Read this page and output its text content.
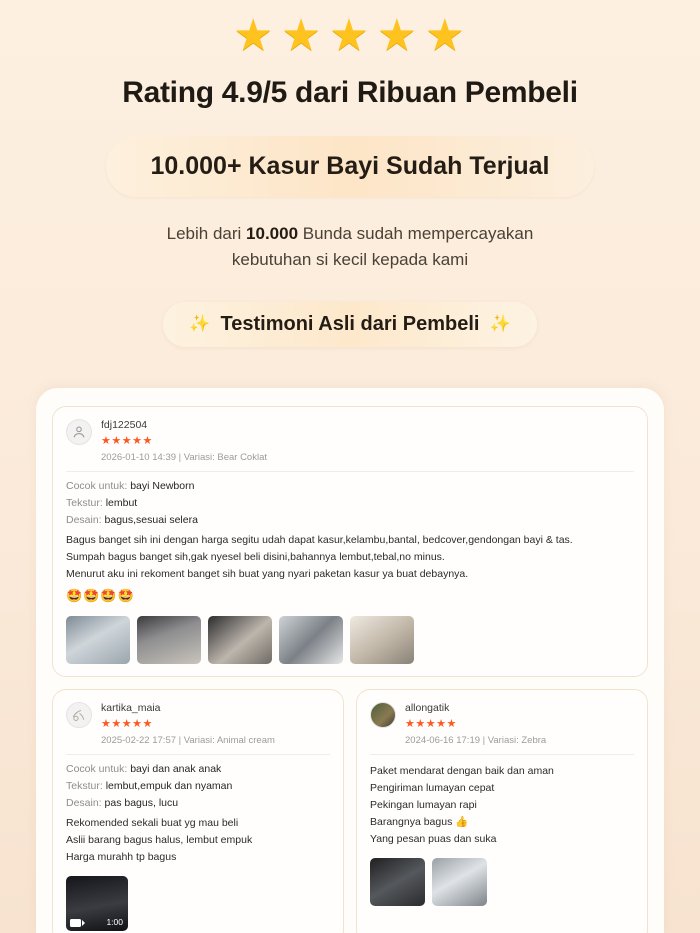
★ ★ ★ ★ ★
Rating 4.9/5 dari Ribuan Pembeli
10.000+ Kasur Bayi Sudah Terjual
Lebih dari 10.000 Bunda sudah mempercayakan
kebutuhan si kecil kepada kami
✨ Testimoni Asli dari Pembeli ✨
fdj122504
★★★★★
2026-01-10 14:39 | Variasi: Bear Coklat
Cocok untuk: bayi Newborn
Tekstur: lembut
Desain: bagus,sesuai selera
Bagus banget sih ini dengan harga segitu udah dapat kasur,kelambu,bantal, bedcover,gendongan bayi & tas.
Sumpah bagus banget sih,gak nyesel beli disini,bahannya lembut,tebal,no minus.
Menurut aku ini rekoment banget sih buat yang nyari paketan kasur ya buat debaynya.
🤩🤩🤩🤩
kartika_maia
★★★★★
2025-02-22 17:57 | Variasi: Animal cream
Cocok untuk: bayi dan anak anak
Tekstur: lembut,empuk dan nyaman
Desain: pas bagus, lucu
Rekomended sekali buat yg mau beli
Aslii barang bagus halus, lembut empuk
Harga murahh tp bagus
1:00
allongatik
★★★★★
2024-06-16 17:19 | Variasi: Zebra
Paket mendarat dengan baik dan aman
Pengiriman lumayan cepat
Pekingan lumayan rapi
Barangnya bagus 👍
Yang pesan puas dan suka
